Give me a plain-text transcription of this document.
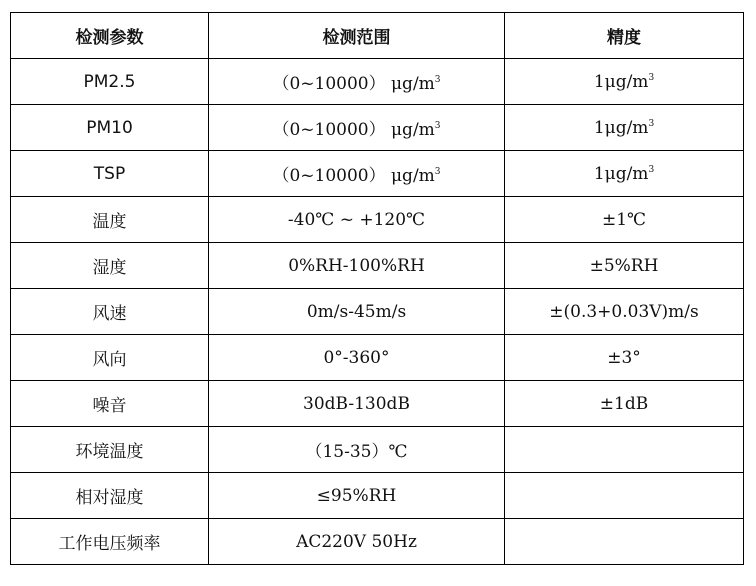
检测参数	检测范围	精度
PM2.5	（0~10000） $\mu g/m^3$	$1\mu g/m^3$
PM10	（0~10000） $\mu g/m^3$	$1\mu g/m^3$
TSP	（0~10000） $\mu g/m^3$	$1\mu g/m^3$
温度	-40℃ ~ +120℃	±1℃
湿度	0%RH-100%RH	±5%RH
风速	0m/s-45m/s	±(0.3+0.03V)m/s
风向	0°-360°	±3°
噪音	30dB-130dB	±1dB
环境温度	（15-35）℃	
相对湿度	≤95%RH	
工作电压频率	AC220V 50Hz	
